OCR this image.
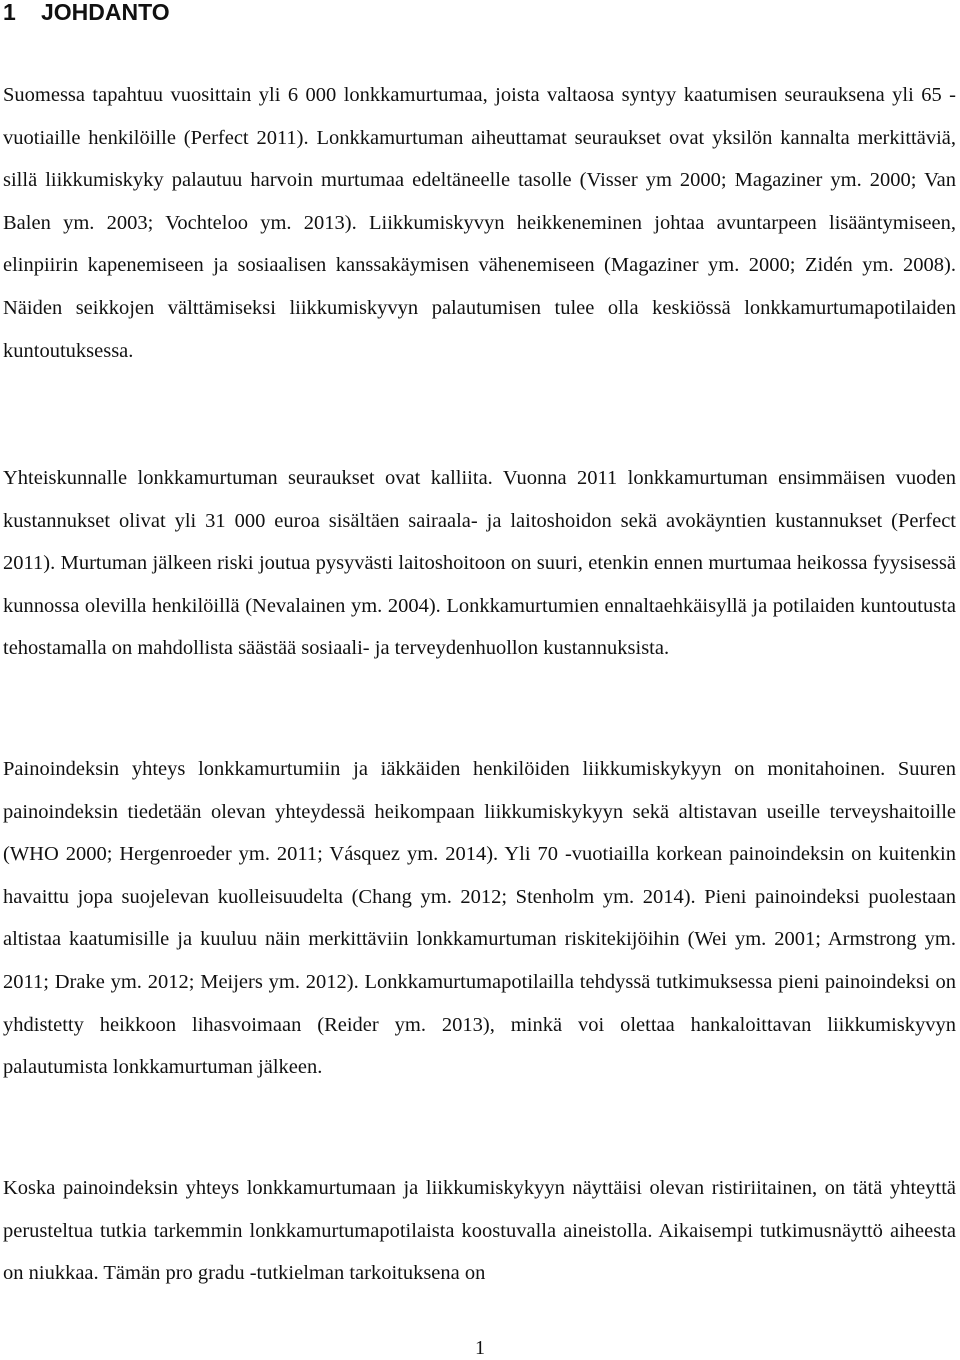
1 JOHDANTO

Suomessa tapahtuu vuosittain yli 6 000 lonkkamurtumaa, joista valtaosa syntyy kaatumisen seurauksena yli 65 -vuotiaille henkilöille (Perfect 2011). Lonkkamurtuman aiheuttamat seuraukset ovat yksilön kannalta merkittäviä, sillä liikkumiskyky palautuu harvoin murtumaa edeltäneelle tasolle (Visser ym 2000; Magaziner ym. 2000; Van Balen ym. 2003; Vochteloo ym. 2013). Liikkumiskyvyn heikkeneminen johtaa avuntarpeen lisääntymiseen, elinpiirin kapenemiseen ja sosiaalisen kanssakäymisen vähenemiseen (Magaziner ym. 2000; Zidén ym. 2008). Näiden seikkojen välttämiseksi liikkumiskyvyn palautumisen tulee olla keskiössä lonkkamurtumapotilaiden kuntoutuksessa.

Yhteiskunnalle lonkkamurtuman seuraukset ovat kalliita. Vuonna 2011 lonkkamurtuman ensimmäisen vuoden kustannukset olivat yli 31 000 euroa sisältäen sairaala- ja laitoshoidon sekä avokäyntien kustannukset (Perfect 2011). Murtuman jälkeen riski joutua pysyvästi laitoshoitoon on suuri, etenkin ennen murtumaa heikossa fyysisessä kunnossa olevilla henkilöillä (Nevalainen ym. 2004). Lonkkamurtumien ennaltaehkäisyllä ja potilaiden kuntoutusta tehostamalla on mahdollista säästää sosiaali- ja terveydenhuollon kustannuksista.

Painoindeksin yhteys lonkkamurtumiin ja iäkkäiden henkilöiden liikkumiskykyyn on monitahoinen. Suuren painoindeksin tiedetään olevan yhteydessä heikompaan liikkumiskykyyn sekä altistavan useille terveyshaitoille (WHO 2000; Hergenroeder ym. 2011; Vásquez ym. 2014). Yli 70 -vuotiailla korkean painoindeksin on kuitenkin havaittu jopa suojelevan kuolleisuudelta (Chang ym. 2012; Stenholm ym. 2014). Pieni painoindeksi puolestaan altistaa kaatumisille ja kuuluu näin merkittäviin lonkkamurtuman riskitekijöihin (Wei ym. 2001; Armstrong ym. 2011; Drake ym. 2012; Meijers ym. 2012). Lonkkamurtumapotilailla tehdyssä tutkimuksessa pieni painoindeksi on yhdistetty heikkoon lihasvoimaan (Reider ym. 2013), minkä voi olettaa hankaloittavan liikkumiskyvyn palautumista lonkkamurtuman jälkeen.

Koska painoindeksin yhteys lonkkamurtumaan ja liikkumiskykyyn näyttäisi olevan ristiriitainen, on tätä yhteyttä perusteltua tutkia tarkemmin lonkkamurtumapotilaista koostuvalla aineistolla. Aikaisempi tutkimusnäyttö aiheesta on niukkaa. Tämän pro gradu -tutkielman tarkoituksena on

1
